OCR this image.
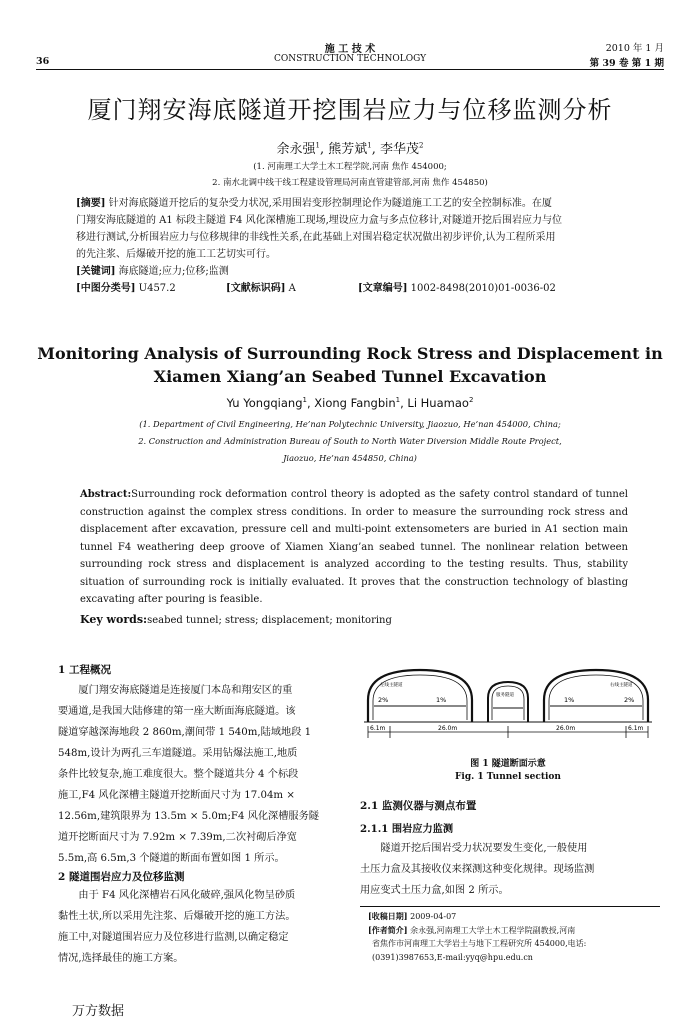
施 工 技 术
CONSTRUCTION TECHNOLOGY
36
2010 年 1 月
第 39 卷 第 1 期
厦门翔安海底隧道开挖围岩应力与位移监测分析
余永强$^1$, 熊芳斌$^1$, 李华茂$^2$
(1. 河南理工大学土木工程学院,河南 焦作 454000;
2. 南水北调中线干线工程建设管理局河南直管建管部,河南 焦作 454850)
[摘要] 针对海底隧道开挖后的复杂受力状况,采用围岩变形控制理论作为隧道施工工艺的安全控制标准。在厦
门翔安海底隧道的 A1 标段主隧道 F4 风化深槽施工现场,埋设应力盒与多点位移计,对隧道开挖后围岩应力与位
移进行测试,分析围岩应力与位移规律的非线性关系,在此基础上对围岩稳定状况做出初步评价,认为工程所采用
的先注浆、后爆破开挖的施工工艺切实可行。
[关键词] 海底隧道;应力;位移;监测
[中图分类号] U457.2	[文献标识码] A	[文章编号] 1002-8498(2010)01-0036-02
Monitoring Analysis of Surrounding Rock Stress and Displacement in
Xiamen Xiang’an Seabed Tunnel Excavation
Yu Yongqiang$^1$, Xiong Fangbin$^1$, Li Huamao$^2$
(1. Department of Civil Engineering, He’nan Polytechnic University, Jiaozuo, He’nan 454000, China;
2. Construction and Administration Bureau of South to North Water Diversion Middle Route Project,
Jiaozuo, He’nan 454850, China)
Abstract:Surrounding rock deformation control theory is adopted as the safety control standard of tunnel
construction against the complex stress conditions. In order to measure the surrounding rock stress and
displacement after excavation, pressure cell and multi-point extensometers are buried in A1 section main
tunnel F4 weathering deep groove of Xiamen Xiang’an seabed tunnel. The nonlinear relation between
surrounding rock stress and displacement is analyzed according to the testing results. Thus, stability
situation of surrounding rock is initially evaluated. It proves that the construction technology of blasting
excavating after pouring is feasible.
Key words:seabed tunnel; stress; displacement; monitoring
1 工程概况
厦门翔安海底隧道是连接厦门本岛和翔安区的重
要通道,是我国大陆修建的第一座大断面海底隧道。该
隧道穿越深海地段 2 860m,潮间带 1 540m,陆域地段 1
548m,设计为两孔三车道隧道。采用钻爆法施工,地质
条件比较复杂,施工难度很大。整个隧道共分 4 个标段
施工,F4 风化深槽主隧道开挖断面尺寸为 17.04m ×
12.56m,建筑限界为 13.5m × 5.0m;F4 风化深槽服务隧
道开挖断面尺寸为 7.92m × 7.39m,二次衬砌后净宽
5.5m,高 6.5m,3 个隧道的断面布置如图 1 所示。
2 隧道围岩应力及位移监测
由于 F4 风化深槽岩石风化破碎,强风化物呈砂质
黏性土状,所以采用先注浆、后爆破开挖的施工方法。
施工中,对隧道围岩应力及位移进行监测,以确定稳定
情况,选择最佳的施工方案。
2%	1%	1%	2%
左线主隧道
服务隧道
右线主隧道
6.1m	26.0m	26.0m	6.1m
图 1 隧道断面示意
Fig. 1 Tunnel section
2.1 监测仪器与测点布置
2.1.1 围岩应力监测
隧道开挖后围岩受力状况要发生变化,一般使用
土压力盒及其接收仪来探测这种变化规律。现场监测
用应变式土压力盒,如图 2 所示。
[收稿日期] 2009-04-07
[作者简介] 余永强,河南理工大学土木工程学院副教授,河南
省焦作市河南理工大学岩土与地下工程研究所 454000,电话:
(0391)3987653,E-mail:yyq@hpu.edu.cn
万方数据
